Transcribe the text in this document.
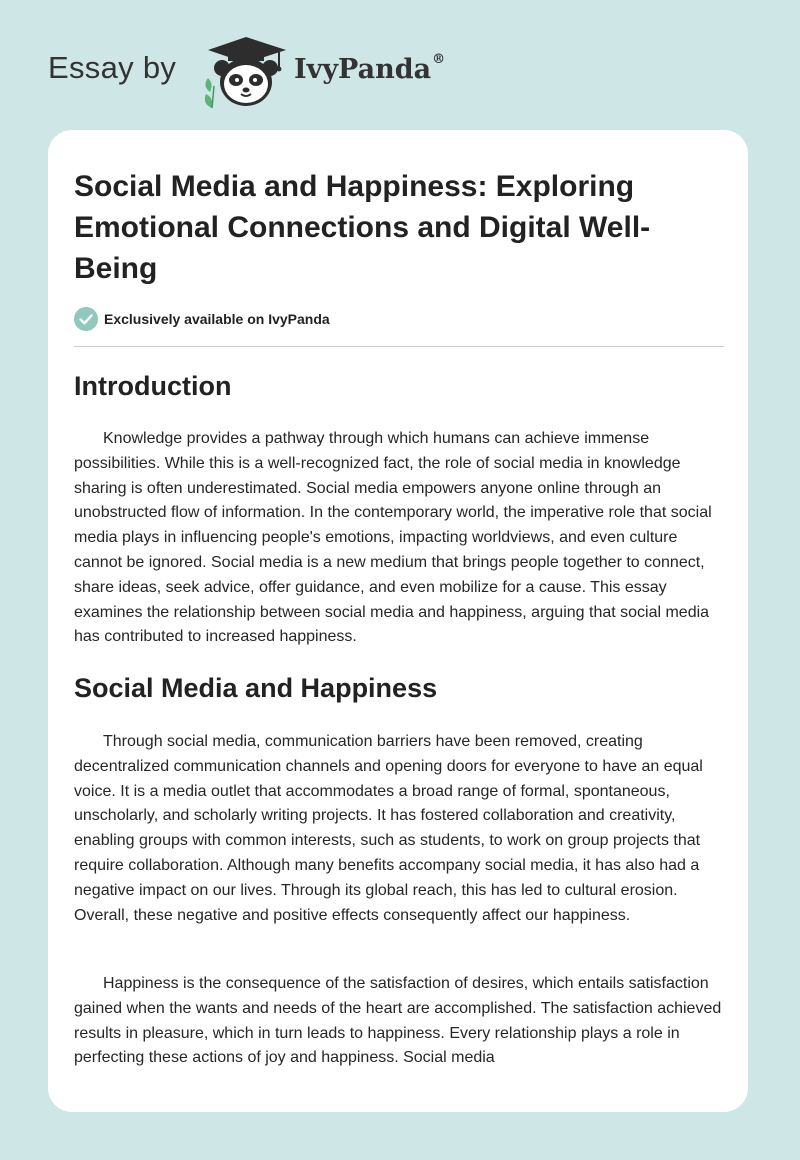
Essay by	IvyPanda®
Social Media and Happiness: Exploring Emotional Connections and Digital Well-Being
Exclusively available on IvyPanda
Introduction

Knowledge provides a pathway through which humans can achieve immense possibilities. While this is a well-recognized fact, the role of social media in knowledge sharing is often underestimated. Social media empowers anyone online through an unobstructed flow of information. In the contemporary world, the imperative role that social media plays in influencing people's emotions, impacting worldviews, and even culture cannot be ignored. Social media is a new medium that brings people together to connect, share ideas, seek advice, offer guidance, and even mobilize for a cause. This essay examines the relationship between social media and happiness, arguing that social media has contributed to increased happiness.

Social Media and Happiness

Through social media, communication barriers have been removed, creating decentralized communication channels and opening doors for everyone to have an equal voice. It is a media outlet that accommodates a broad range of formal, spontaneous, unscholarly, and scholarly writing projects. It has fostered collaboration and creativity, enabling groups with common interests, such as students, to work on group projects that require collaboration. Although many benefits accompany social media, it has also had a negative impact on our lives. Through its global reach, this has led to cultural erosion. Overall, these negative and positive effects consequently affect our happiness.

Happiness is the consequence of the satisfaction of desires, which entails satisfaction gained when the wants and needs of the heart are accomplished. The satisfaction achieved results in pleasure, which in turn leads to happiness. Every relationship plays a role in perfecting these actions of joy and happiness. Social media
